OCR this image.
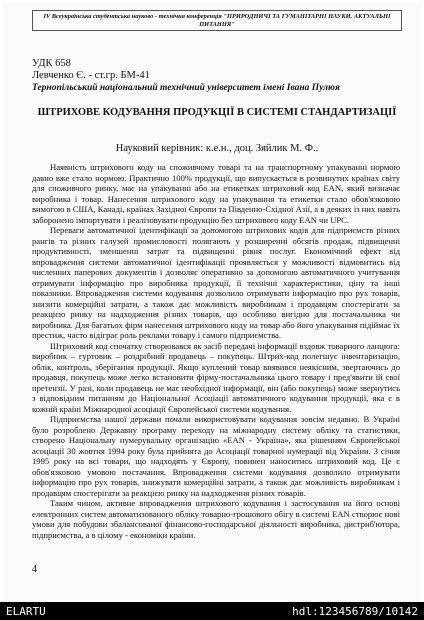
IV Всеукраїнська студентська науково - технічна конференція "ПРИРОДНИЧІ ТА ГУМАНІТАРНІ НАУКИ. АКТУАЛЬНІ ПИТАННЯ"
УДК 658
Левченко Є. - ст.гр. БМ-41
Тернопільський національний технічний університет імені Івана Пулюя
ШТРИХОВЕ КОДУВАННЯ ПРОДУКЦІЇ В СИСТЕМІ СТАНДАРТИЗАЦІЇ
Науковий керівник: к.е.н., доц. Зяйлик М. Ф..

Наявність штрихового коду на споживчому товарі та на транспортному упакуванні нормою давно вже стало нормою. Практично 100% продукції, що випускається в розвинутих країнах світу для споживчого ринку, має на упакуванні або на етикетках штриховий код EAN, який визначає виробника і товар. Нанесення штрихового коду на упакування та етикетки стало обов'язковою вимогою в США, Канаді, країнах Західної Європи та Південно-Східної Азії, а в деяких із них навіть заборонено імпортувати і реалізовувати продукцію без штрихового коду EAN чи UPC.

Переваги автоматичної ідентифікації за допомогою штрихових кодів для підприємств різних рангів та різних галузей промисловості полягають у розширенні обсягів продаж, підвищенні продуктивності, зменшенні затрат та підвищенні рівня послуг. Економічний ефект від впровадження системи автоматичної ідентифікації проявляється у можливості відмовитись від численних паперових документів і дозволяє оперативно за допомогою автоматичного учитування отримувати інформацію про виробника продукції, її технічні характеристики, ціну та інші показники. Впровадження системи кодування дозволило отримувати інформацію про рух товарів, знизити комерційні затрати, а також дає можливість виробникам і продавцям спостерігати за реакцією ринку на надходження різних товарів, що особливо вигідно для постачальника чи виробника. Для багатьох фірм нанесення штрихового коду на товар або його упакування підіймає їх престиж, часто відіграє роль реклами товару і самого підприємства.

Штриховий код спочатку створювався як засіб передачі інформації вздовж товарного ланцюга: виробник – гуртовик – роздрібний продавець – покупець. Штрих-код полегшує інвентаризацію, облік, контроль, зберігання продукції. Якщо куплений товар виявився неякісним, звертаючись до продавця, покупець може легко встановити фірму-постачальника цього товару і пред'явити їй свої претензії. У разі, коли продавець не має необхідної інформації, він (або покупець) може звернутись з відповідним питанням до Національної Асоціації автоматичного кодування продукції, яка є в кожній країні Міжнародної асоціації Європейської системи кодування.

Підприємства нашої держави почали використовувати кодування зовсім недавно. В Україні було розроблено Державну програму переходу на міжнародну систему обліку та статистики, створено Національну нумерувальну організацію «EAN - Україна», яка рішенням Європейської асоціації 30 жовтня 1994 року була прийнята до Асоціації товарної нумерації від України. З січня 1995 року на всі товари, що надходять у Європу, повинен наноситись штриховий код. Це є обов'язковою умовою постачання. Впровадження системи кодування дозволило отримувати інформацію про рух товарів, знижувати комерційні затрати, а також дає можливість виробникам і продавцям спостерігати за реакцією ринку на надходження різних товарів.

Таким чином, активне впровадження штрихового кодування і застосування на його основі електронних систем автоматизованого обліку товарно-грошового обігу в системі EAN створює нові умови для побудови збалансованої фінансово-господарської діяльності виробника, дистриб'ютора, підприємства, а в цілому - економіки країни.

4
ELARTU	hdl:123456789/10142
